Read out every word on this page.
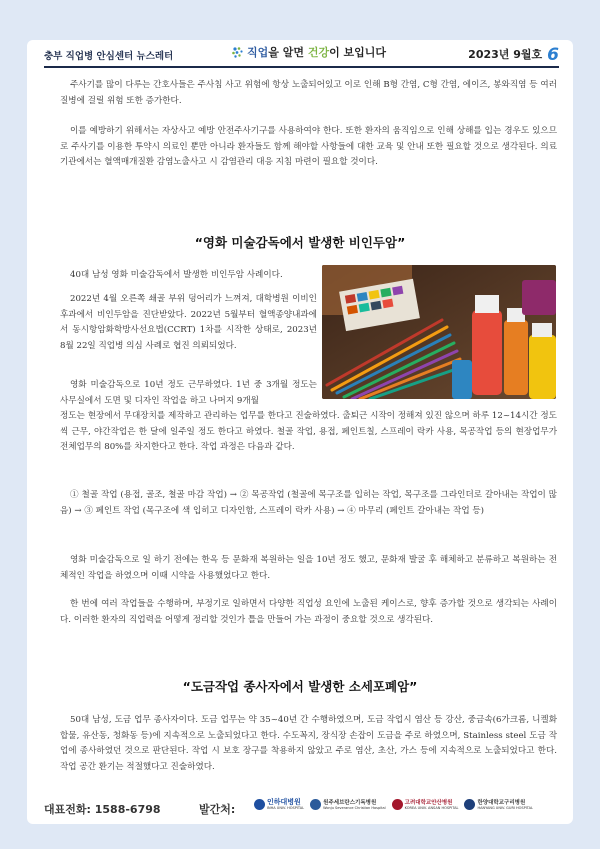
충부 직업병 안심센터 뉴스레터	직업을 알면 건강이 보입니다	2023년 9월호 6
주사기를 많이 다루는 간호사들은 주사침 사고 위험에 항상 노출되어있고 이로 인해 B형 간염, C형 간염, 에이즈, 봉와직염 등 여러 질병에 걸릴 위험 또한 증가한다.
이를 예방하기 위해서는 자상사고 예방 안전주사기구를 사용하여야 한다. 또한 환자의 움직임으로 인해 상해를 입는 경우도 있으므로 주사기를 이용한 투약시 의료인 뿐만 아니라 환자들도 함께 해야할 사항들에 대한 교육 및 안내 또한 필요할 것으로 생각된다. 의료기관에서는 혈액매개질환 감염노출사고 시 감염관리 대응 지침 마련이 필요할 것이다.
“영화 미술감독에서 발생한 비인두암”
40대 남성 영화 미술감독에서 발생한 비인두암 사례이다.
2022년 4월 오른쪽 쇄골 부위 덩어리가 느껴져, 대학병원 이비인후과에서 비인두암을 진단받았다. 2022년 5월부터 혈액종양내과에서 동시항암화학방사선요법(CCRT) 1차를 시작한 상태로, 2023년 8월 22일 직업병 의심 사례로 협진 의뢰되었다.
영화 미술감독으로 10년 정도 근무하였다. 1년 중 3개월 정도는 사무실에서 도면 및 디자인 작업을 하고 나머지 9개월
정도는 현장에서 무대장치를 제작하고 관리하는 업무를 한다고 진술하였다. 출퇴근 시작이 정해져 있진 않으며 하루 12~14시간 정도씩 근무, 야간작업은 한 달에 일주일 정도 한다고 하였다. 철골 작업, 용접, 페인트칠, 스프레이 락카 사용, 목공작업 등의 현장업무가 전체업무의 80%를 차지한다고 한다. 작업 과정은 다음과 같다.
① 철골 작업 (용접, 골조, 철골 마감 작업) → ② 목공작업 (철골에 목구조를 입히는 작업, 목구조를 그라인더로 갈아내는 작업이 많음) → ③ 페인트 작업 (목구조에 색 입히고 디자인함, 스프레이 락카 사용) → ④ 마무리 (페인트 갈아내는 작업 등)
영화 미술감독으로 일 하기 전에는 한옥 등 문화재 복원하는 일을 10년 정도 했고, 문화재 발굴 후 해체하고 분류하고 복원하는 전체적인 작업을 하였으며 이때 시약을 사용했었다고 한다.
한 번에 여러 작업들을 수행하며, 부정기로 일하면서 다양한 직업성 요인에 노출된 케이스로, 향후 증가할 것으로 생각되는 사례이다. 이러한 환자의 직업력을 어떻게 정리할 것인가 틀을 만들어 가는 과정이 중요할 것으로 생각된다.
“도금작업 종사자에서 발생한 소세포폐암”
50대 남성, 도금 업무 종사자이다. 도금 업무는 약 35~40년 간 수행하였으며, 도금 작업시 염산 등 강산, 중금속(6가크롬, 니켈화합물, 유산동, 청화동 등)에 지속적으로 노출되었다고 한다. 수도꼭지, 장식장 손잡이 도금을 주로 하였으며, Stainless steel 도금 작업에 종사하였던 것으로 판단된다. 작업 시 보호 장구를 착용하지 않았고 주로 염산, 초산, 가스 등에 지속적으로 노출되었다고 한다. 작업 공간 환기는 적절했다고 진술하였다.
대표전화: 1588-6798	발간처:
인하대병원
INHA UNIV. HOSPITAL
원주세브란스기독병원
Wonju Severance Christian Hospital
고려대학교안산병원
KOREA UNIV. ANSAN HOSPITAL
한양대학교구리병원
HANYANG UNIV. GURI HOSPITAL
